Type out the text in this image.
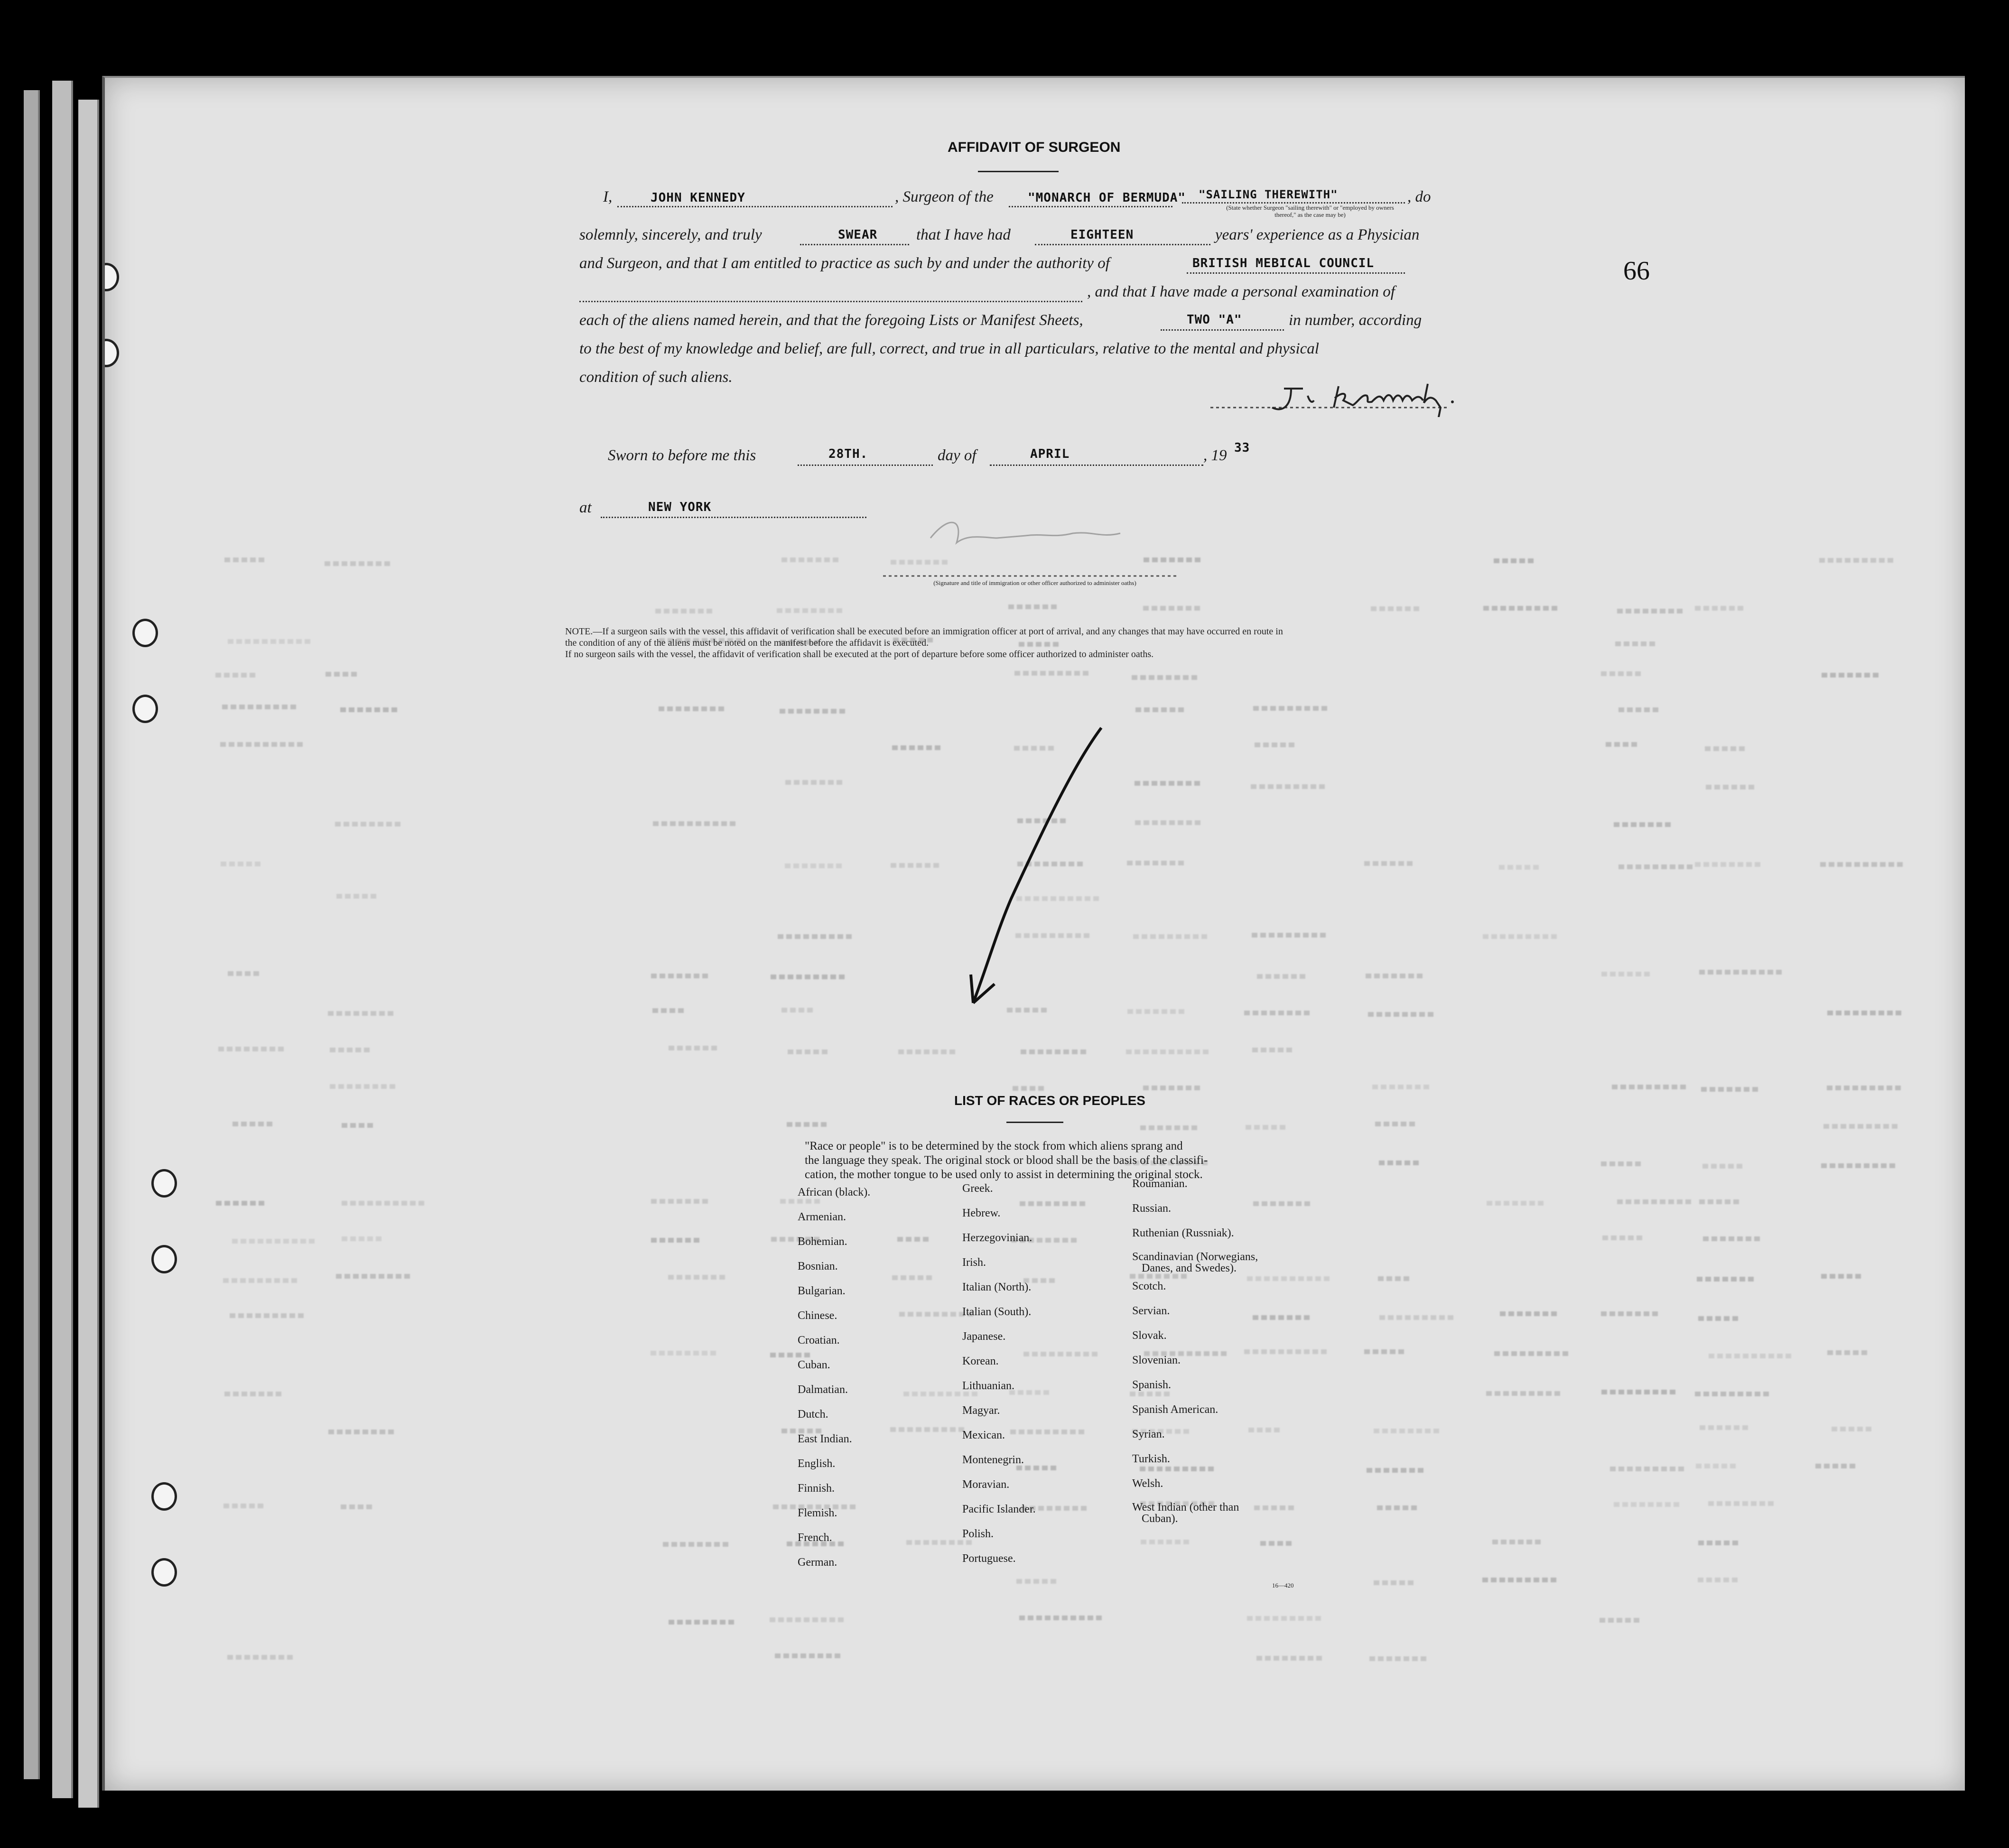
AFFIDAVIT OF SURGEON
66
I,	JOHN KENNEDY	, Surgeon of the	"MONARCH OF BERMUDA" "SAILING THEREWITH"
(State whether Surgeon "sailing therewith" or "employed by owners thereof," as the case may be)
, do
solemnly, sincerely, and truly	SWEAR that I have had	EIGHTEEN	years' experience as a Physician
and Surgeon, and that I am entitled to practice as such by and under the authority of	BRITISH MEBICAL COUNCIL
, and that I have made a personal examination of
each of the aliens named herein, and that the foregoing Lists or Manifest Sheets,	TWO "A"	in number, according
to the best of my knowledge and belief, are full, correct, and true in all particulars, relative to the mental and physical
condition of such aliens.
Sworn to before me this	28TH.	day of	APRIL	, 19 33
at	NEW YORK
(Signature and title of immigration or other officer authorized to administer oaths)
NOTE.—If a surgeon sails with the vessel, this affidavit of verification shall be executed before an immigration officer at port of arrival, and any changes that may have occurred en route in
the condition of any of the aliens must be noted on the manifest before the affidavit is executed.
If no surgeon sails with the vessel, the affidavit of verification shall be executed at the port of departure before some officer authorized to administer oaths.
LIST OF RACES OR PEOPLES
"Race or people" is to be determined by the stock from which aliens sprang and
the language they speak. The original stock or blood shall be the basis of the classifi-
cation, the mother tongue to be used only to assist in determining the original stock.
African (black).
Armenian.
Bohemian.
Bosnian.
Bulgarian.
Chinese.
Croatian.
Cuban.
Dalmatian.
Dutch.
East Indian.
English.
Finnish.
Flemish.
French.
German.
Greek.
Hebrew.
Herzegovinian.
Irish.
Italian (North).
Italian (South).
Japanese.
Korean.
Lithuanian.
Magyar.
Mexican.
Montenegrin.
Moravian.
Pacific Islander.
Polish.
Portuguese.
Roumanian.
Russian.
Ruthenian (Russniak).
Scandinavian (Norwegians,
Danes, and Swedes).
Scotch.
Servian.
Slovak.
Slovenian.
Spanish.
Spanish American.
Syrian.
Turkish.
Welsh.
West Indian (other than
Cuban).
16—420
